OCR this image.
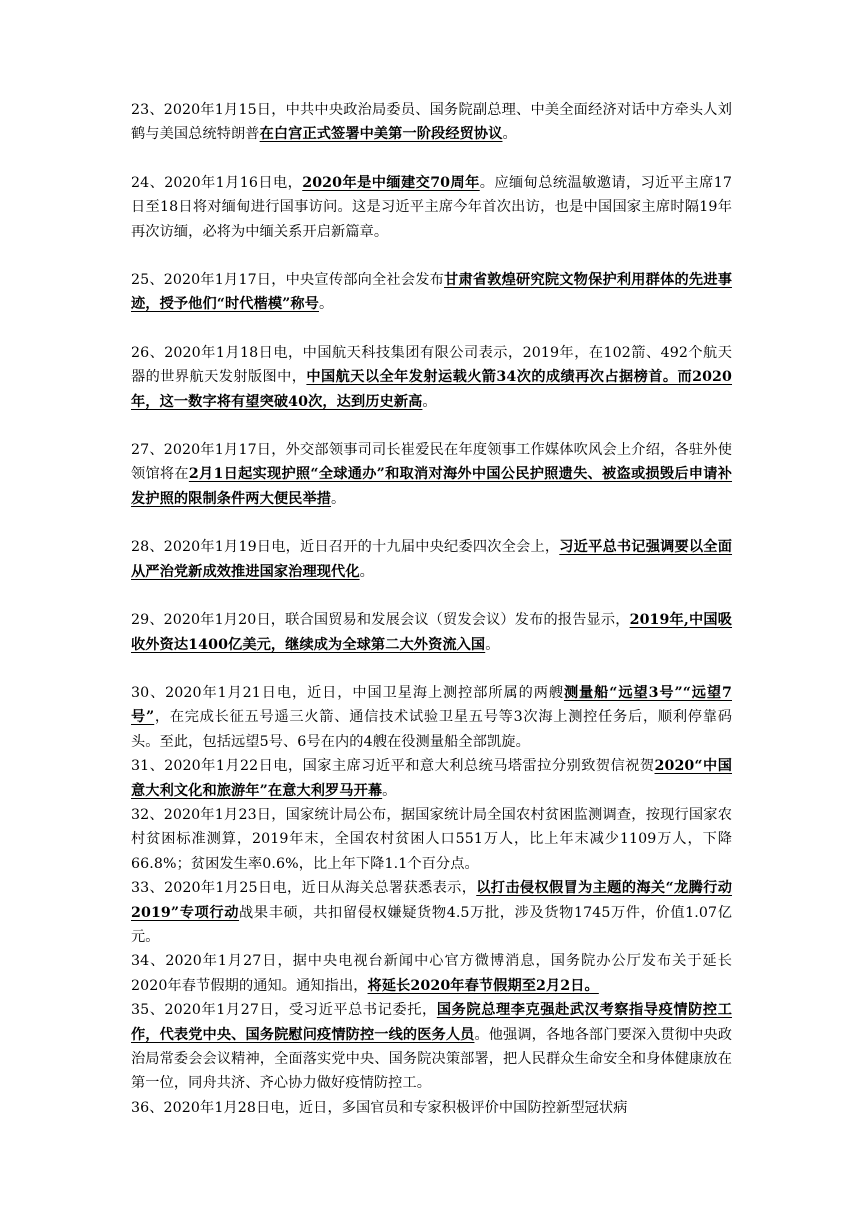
23、2020年1月15日，中共中央政治局委员、国务院副总理、中美全面经济对话中方牵头人刘鹤与美国总统特朗普在白宫正式签署中美第一阶段经贸协议。

24、2020年1月16日电，2020年是中缅建交70周年。应缅甸总统温敏邀请，习近平主席17日至18日将对缅甸进行国事访问。这是习近平主席今年首次出访，也是中国国家主席时隔19年再次访缅，必将为中缅关系开启新篇章。

25、2020年1月17日，中央宣传部向全社会发布甘肃省敦煌研究院文物保护利用群体的先进事迹，授予他们“时代楷模”称号。

26、2020年1月18日电，中国航天科技集团有限公司表示，2019年，在102箭、492个航天器的世界航天发射版图中，中国航天以全年发射运载火箭34次的成绩再次占据榜首。而2020年，这一数字将有望突破40次，达到历史新高。

27、2020年1月17日，外交部领事司司长崔爱民在年度领事工作媒体吹风会上介绍，各驻外使领馆将在2月1日起实现护照“全球通办”和取消对海外中国公民护照遗失、被盗或损毁后申请补发护照的限制条件两大便民举措。

28、2020年1月19日电，近日召开的十九届中央纪委四次全会上，习近平总书记强调要以全面从严治党新成效推进国家治理现代化。

29、2020年1月20日，联合国贸易和发展会议（贸发会议）发布的报告显示，2019年,中国吸收外资达1400亿美元，继续成为全球第二大外资流入国。

30、2020年1月21日电，近日，中国卫星海上测控部所属的两艘测量船“远望3号”“远望7号”，在完成长征五号遥三火箭、通信技术试验卫星五号等3次海上测控任务后，顺利停靠码头。至此，包括远望5号、6号在内的4艘在役测量船全部凯旋。

31、2020年1月22日电，国家主席习近平和意大利总统马塔雷拉分别致贺信祝贺2020“中国意大利文化和旅游年”在意大利罗马开幕。

32、2020年1月23日，国家统计局公布，据国家统计局全国农村贫困监测调查，按现行国家农村贫困标准测算，2019年末，全国农村贫困人口551万人，比上年末减少1109万人，下降66.8%；贫困发生率0.6%，比上年下降1.1个百分点。

33、2020年1月25日电，近日从海关总署获悉表示，以打击侵权假冒为主题的海关“龙腾行动2019”专项行动战果丰硕，共扣留侵权嫌疑货物4.5万批，涉及货物1745万件，价值1.07亿元。

34、2020年1月27日，据中央电视台新闻中心官方微博消息，国务院办公厅发布关于延长2020年春节假期的通知。通知指出，将延长2020年春节假期至2月2日。

35、2020年1月27日，受习近平总书记委托，国务院总理李克强赴武汉考察指导疫情防控工作，代表党中央、国务院慰问疫情防控一线的医务人员。他强调，各地各部门要深入贯彻中央政治局常委会会议精神，全面落实党中央、国务院决策部署，把人民群众生命安全和身体健康放在第一位，同舟共济、齐心协力做好疫情防控工。

36、2020年1月28日电，近日，多国官员和专家积极评价中国防控新型冠状病
